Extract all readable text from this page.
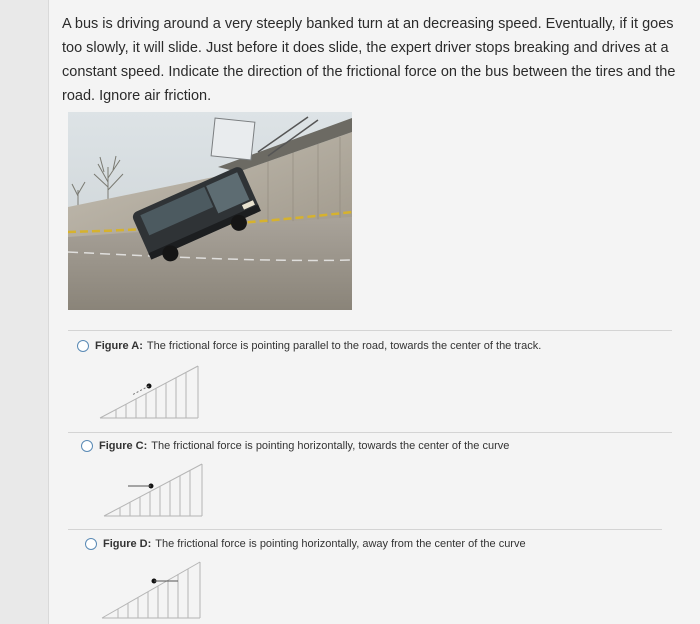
A bus is driving around a very steeply banked turn at an decreasing speed. Eventually, if it goes too slowly, it will slide. Just before it does slide, the expert driver stops breaking and drives at a constant speed. Indicate the direction of the frictional force on the bus between the tires and the road. Ignore air friction.
Figure A: The frictional force is pointing parallel to the road, towards the center of the track.
Figure C: The frictional force is pointing horizontally, towards the center of the curve
Figure D: The frictional force is pointing horizontally, away from the center of the curve
